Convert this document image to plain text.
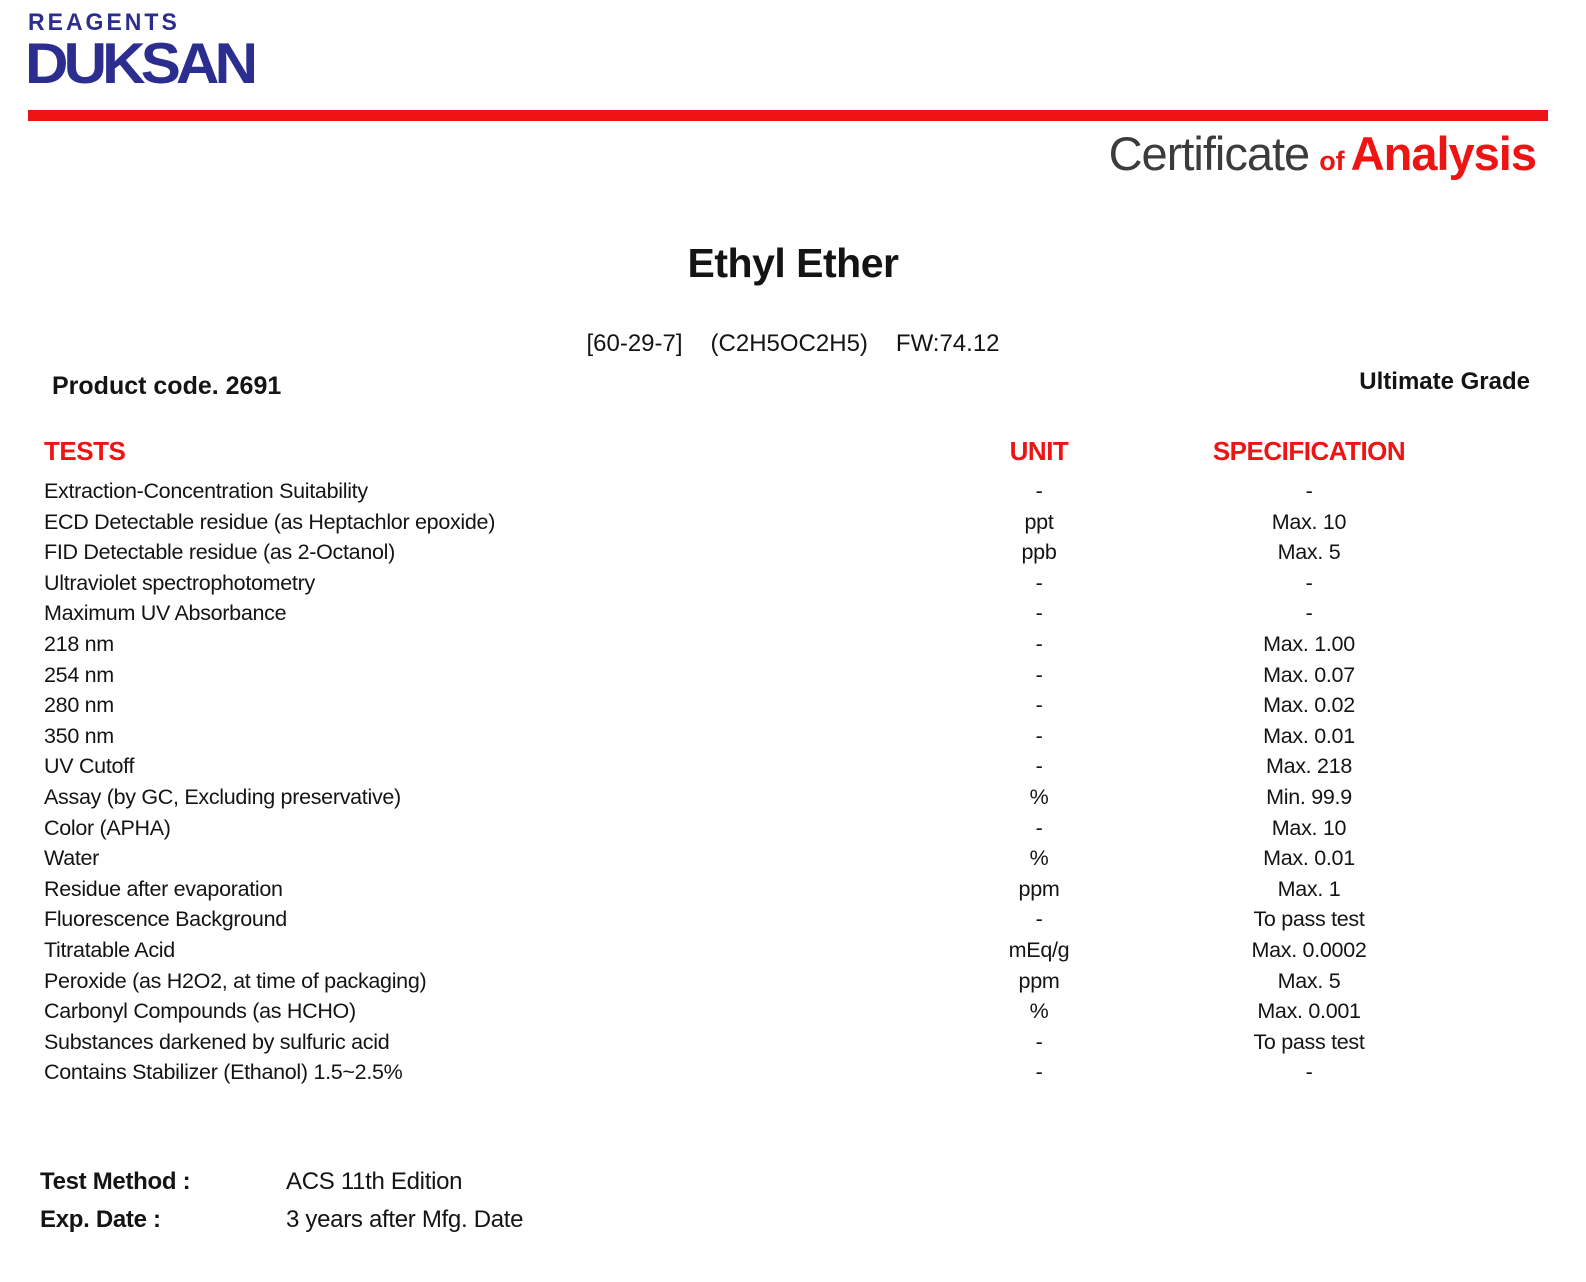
REAGENTS
DUKSAN
Certificate of Analysis
Ethyl Ether
[60-29-7] (C2H5OC2H5) FW:74.12
Product code. 2691	Ultimate Grade
TESTS	UNIT	SPECIFICATION
Extraction-Concentration Suitability	-	-
ECD Detectable residue (as Heptachlor epoxide)	ppt	Max. 10
FID Detectable residue (as 2-Octanol)	ppb	Max. 5
Ultraviolet spectrophotometry	-	-
Maximum UV Absorbance	-	-
218 nm	-	Max. 1.00
254 nm	-	Max. 0.07
280 nm	-	Max. 0.02
350 nm	-	Max. 0.01
UV Cutoff	-	Max. 218
Assay (by GC, Excluding preservative)	%	Min. 99.9
Color (APHA)	-	Max. 10
Water	%	Max. 0.01
Residue after evaporation	ppm	Max. 1
Fluorescence Background	-	To pass test
Titratable Acid	mEq/g	Max. 0.0002
Peroxide (as H2O2, at time of packaging)	ppm	Max. 5
Carbonyl Compounds (as HCHO)	%	Max. 0.001
Substances darkened by sulfuric acid	-	To pass test
Contains Stabilizer (Ethanol) 1.5~2.5%	-	-
Test Method :	ACS 11th Edition
Exp. Date :	3 years after Mfg. Date
